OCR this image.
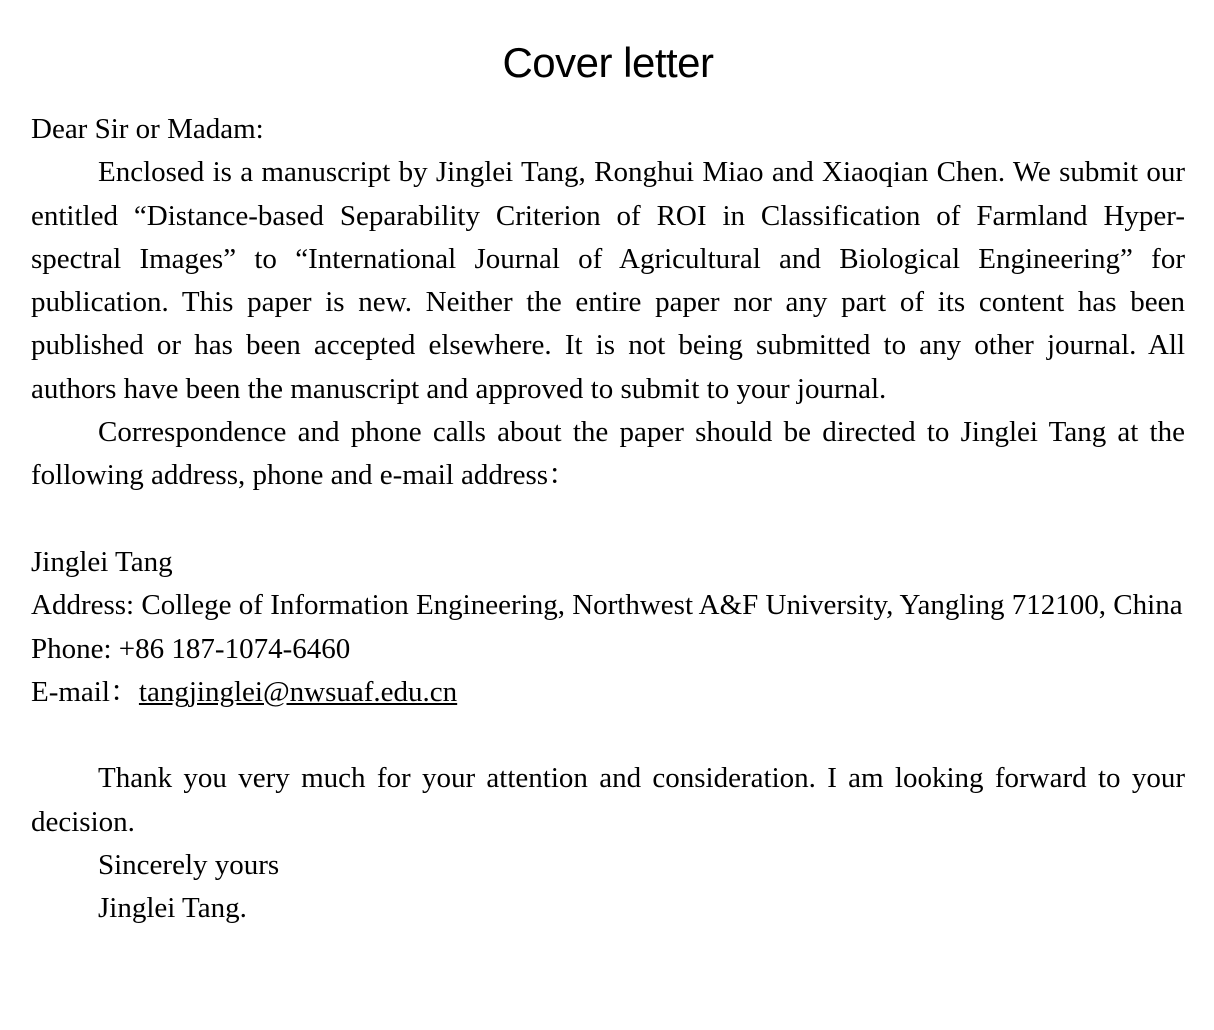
Cover letter

Dear Sir or Madam:

Enclosed is a manuscript by Jinglei Tang, Ronghui Miao and Xiaoqian Chen. We submit our entitled “Distance-based Separability Criterion of ROI in Classification of Farmland Hyper-spectral Images” to “International Journal of Agricultural and Biological Engineering” for publication. This paper is new. Neither the entire paper nor any part of its content has been published or has been accepted elsewhere. It is not being submitted to any other journal. All authors have been the manuscript and approved to submit to your journal.

Correspondence and phone calls about the paper should be directed to Jinglei Tang at the following address, phone and e-mail address：

Jinglei Tang

Address: College of Information Engineering, Northwest A&F University, Yangling 712100, China

Phone: +86 187-1074-6460

E-mail：tangjinglei@nwsuaf.edu.cn

Thank you very much for your attention and consideration. I am looking forward to your decision.

Sincerely yours

Jinglei Tang.
